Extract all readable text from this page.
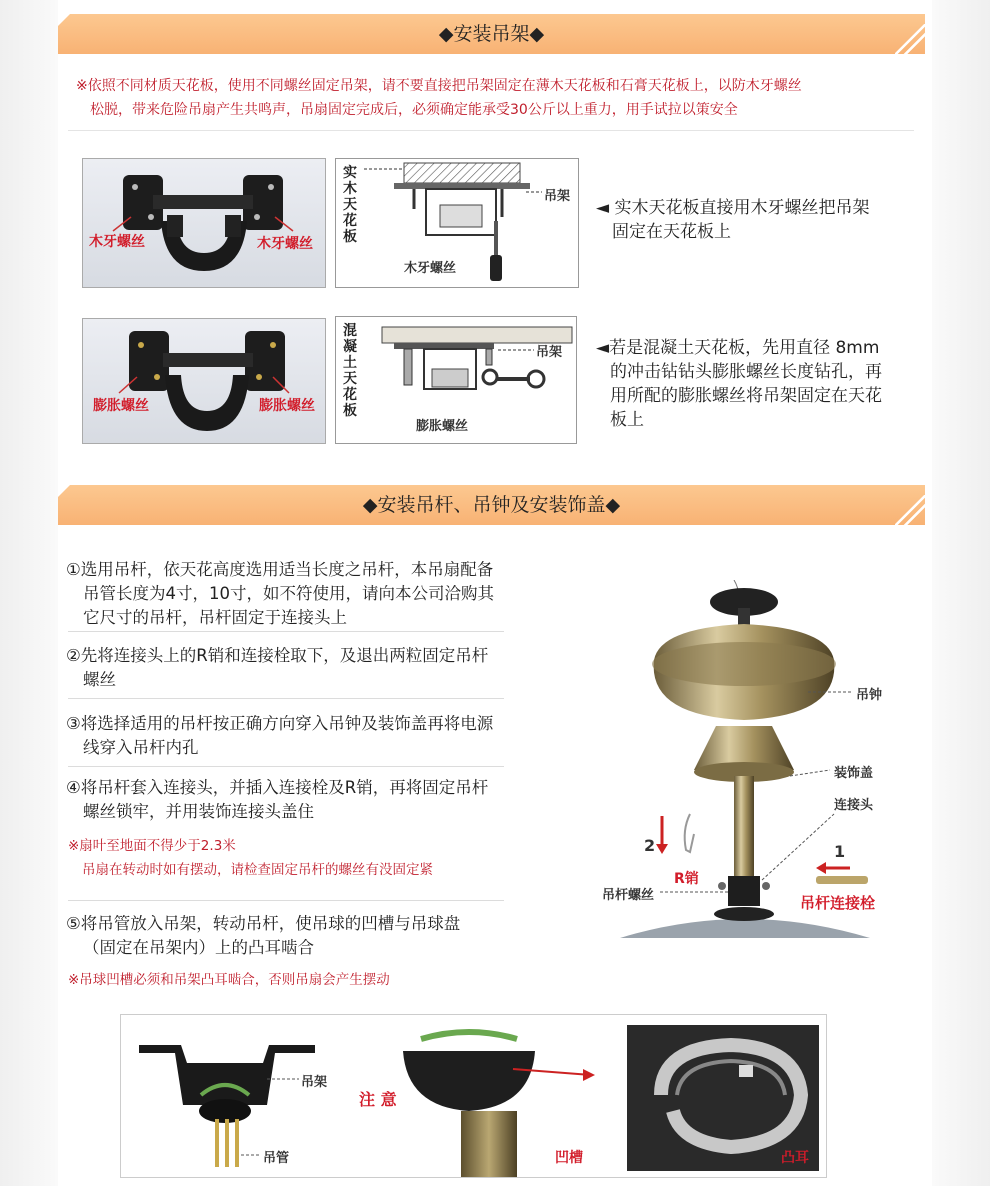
◆安装吊架◆
※依照不同材质天花板，使用不同螺丝固定吊架，请不要直接把吊架固定在薄木天花板和石膏天花板上，以防木牙螺丝
松脱，带来危险吊扇产生共鸣声，吊扇固定完成后，必须确定能承受30公斤以上重力，用手试拉以策安全
木牙螺丝	木牙螺丝
实木天花板
吊架
木牙螺丝
◄ 实木天花板直接用木牙螺丝把吊架
固定在天花板上
膨胀螺丝	膨胀螺丝
混凝土天花板
吊架
膨胀螺丝
◄若是混凝土天花板，先用直径 8mm
的冲击钻钻头膨胀螺丝长度钻孔，再
用所配的膨胀螺丝将吊架固定在天花
板上
◆安装吊杆、吊钟及安装饰盖◆
①选用吊杆，依天花高度选用适当长度之吊杆，本吊扇配备
吊管长度为4寸，10寸，如不符使用，请向本公司洽购其
它尺寸的吊杆，吊杆固定于连接头上
②先将连接头上的R销和连接栓取下，及退出两粒固定吊杆
螺丝
③将选择适用的吊杆按正确方向穿入吊钟及装饰盖再将电源
线穿入吊杆内孔
④将吊杆套入连接头，并插入连接栓及R销，再将固定吊杆
螺丝锁牢，并用装饰连接头盖住
※扇叶至地面不得少于2.3米
吊扇在转动时如有摆动，请检查固定吊杆的螺丝有没固定紧
⑤将吊管放入吊架，转动吊杆，使吊球的凹槽与吊球盘
（固定在吊架内）上的凸耳啮合
※吊球凹槽必须和吊架凸耳啮合，否则吊扇会产生摆动
吊钟
装饰盖
连接头
2	1
R销
吊杆螺丝	吊杆连接栓
吊架
吊管
注 意
凹槽	凸耳
